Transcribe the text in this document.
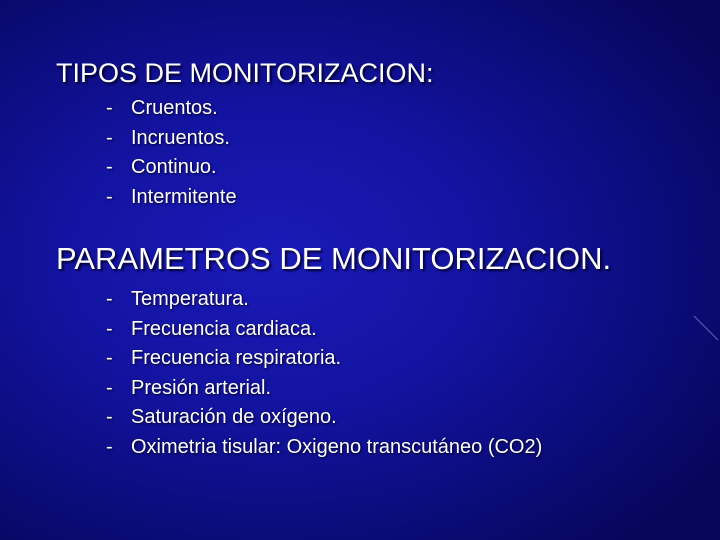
TIPOS DE MONITORIZACION:
- Cruentos.
- Incruentos.
- Continuo.
- Intermitente
PARAMETROS DE MONITORIZACION.
- Temperatura.
- Frecuencia cardiaca.
- Frecuencia respiratoria.
- Presión arterial.
- Saturación de oxígeno.
- Oximetria tisular: Oxigeno transcutáneo (CO2)
